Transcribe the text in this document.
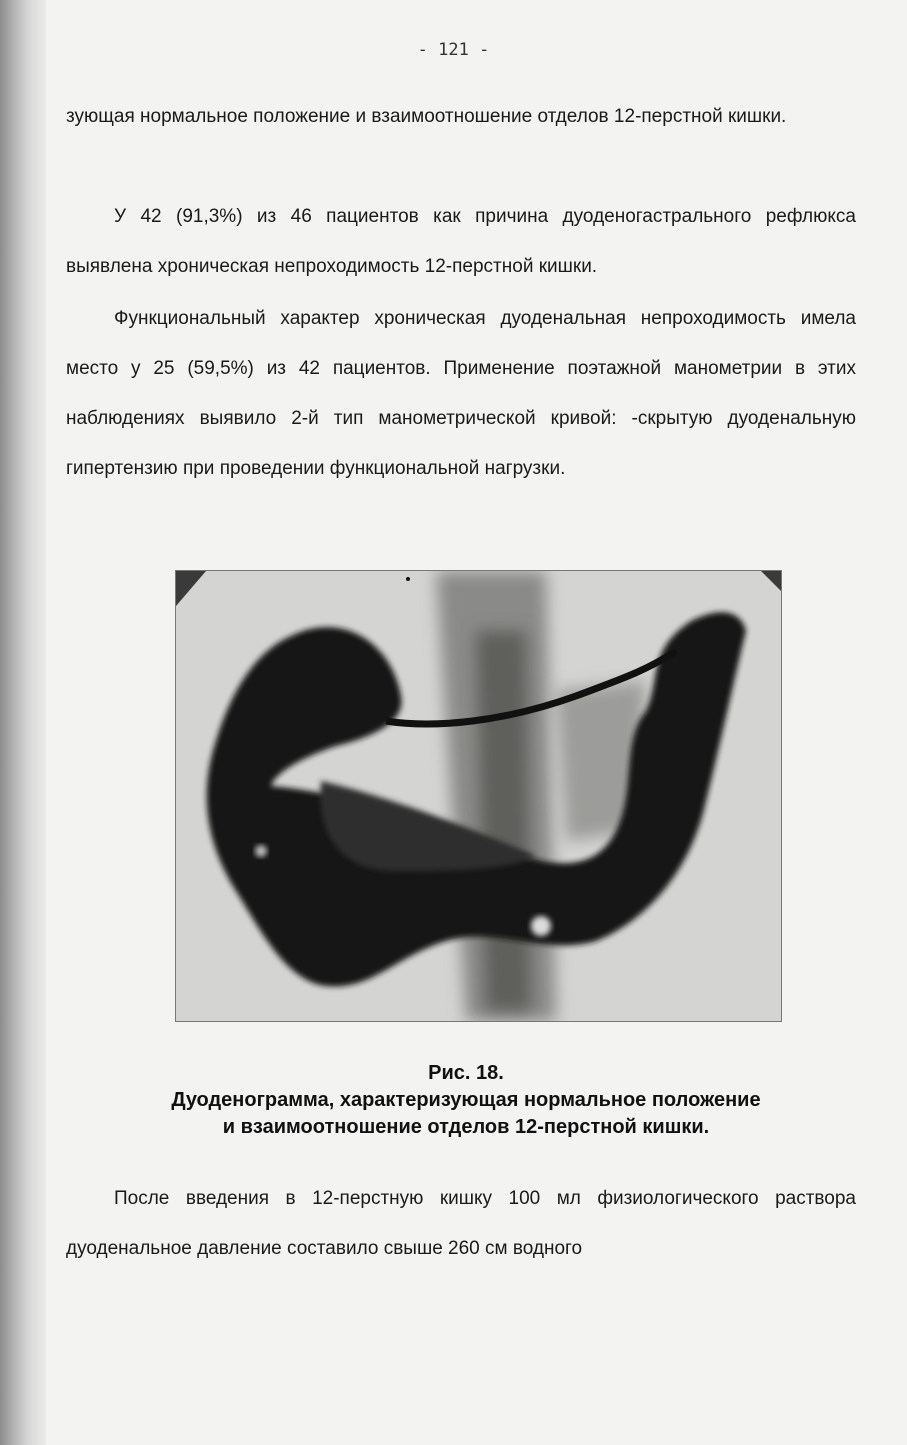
- 121 -

зующая нормальное положение и взаимоотношение отделов 12-перстной кишки.

У 42 (91,3%) из 46 пациентов как причина дуоденогастрального рефлюкса выявлена хроническая непроходимость 12-перстной кишки.

Функциональный характер хроническая дуоденальная непроходимость имела место у 25 (59,5%) из 42 пациентов. Применение поэтажной манометрии в этих наблюдениях выявило 2-й тип манометрической кривой: -скрытую дуоденальную гипертензию при проведении функциональной нагрузки.

Рис. 18.
Дуоденограмма, характеризующая нормальное положение
и взаимоотношение отделов 12-перстной кишки.

После введения в 12-перстную кишку 100 мл физиологического раствора дуоденальное давление составило свыше 260 см водного
